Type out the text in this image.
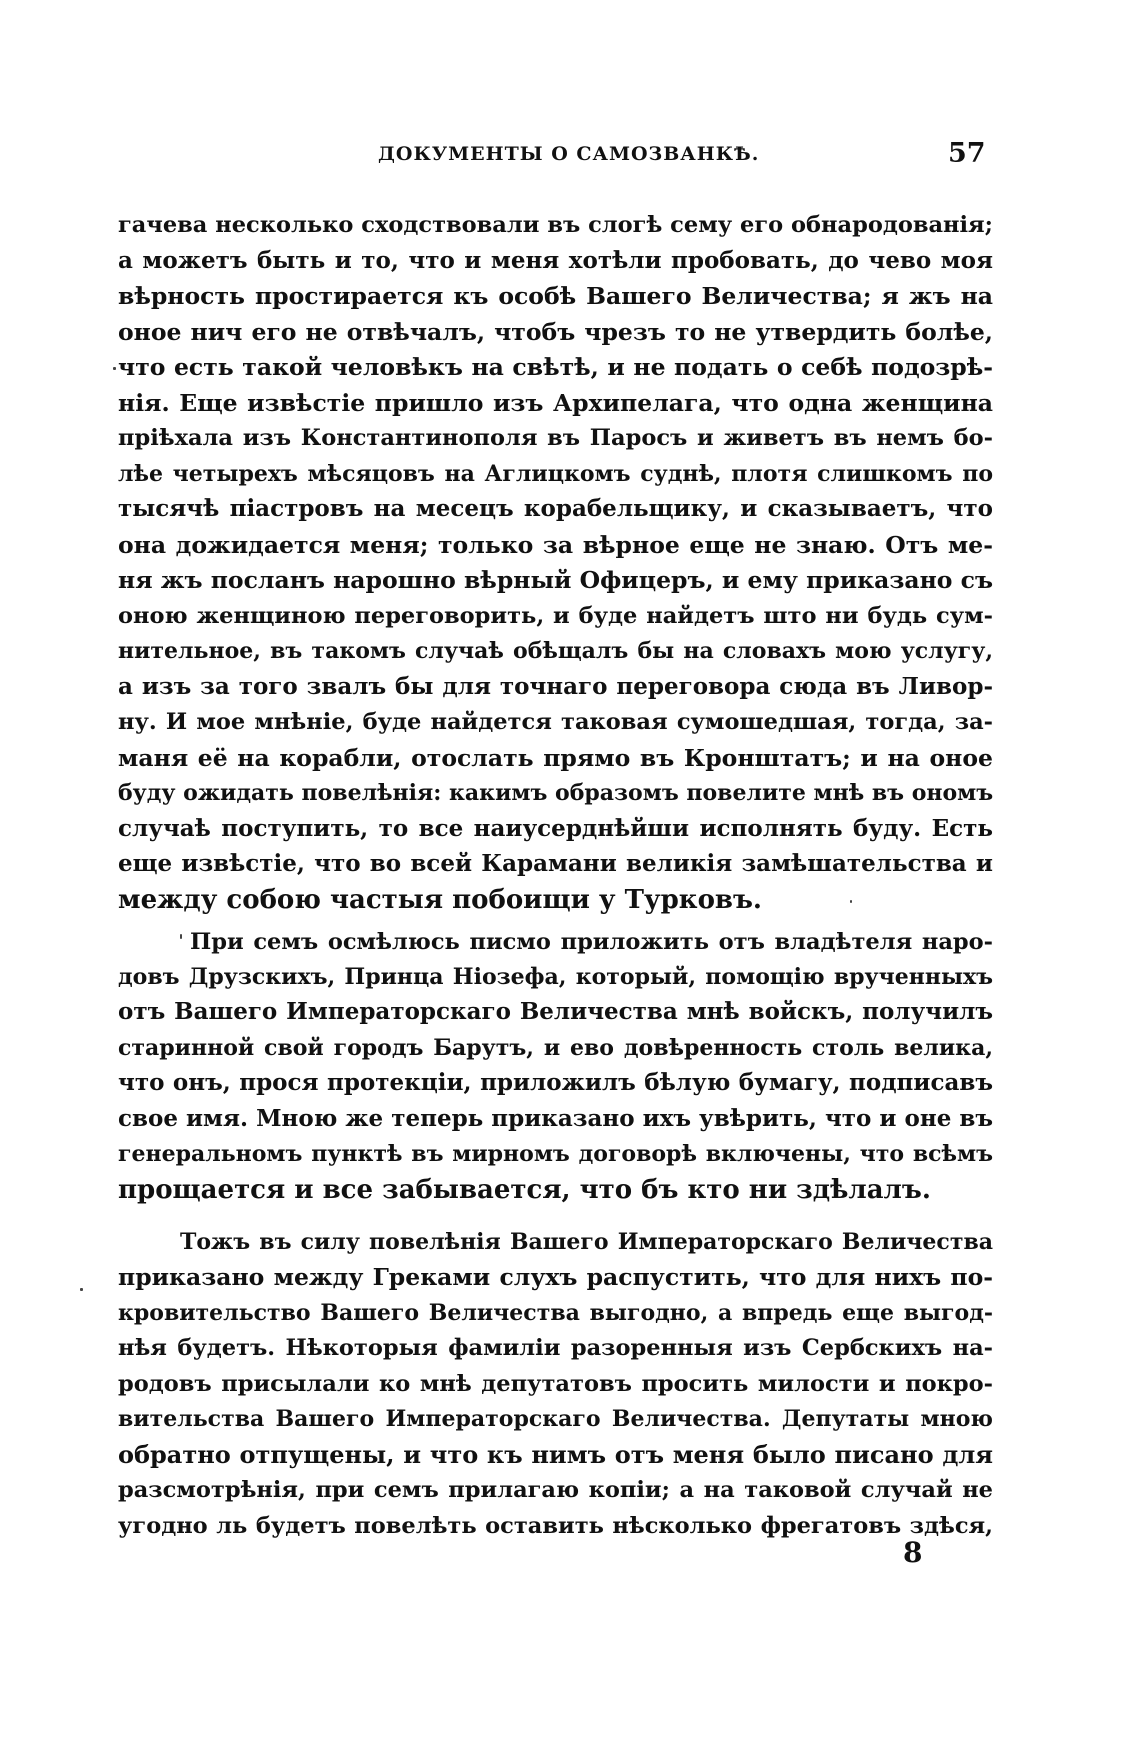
ДОКУМЕНТЫ О САМОЗВАНКѢ.	57
гачева несколько сходствовали въ слогѣ сему его обнародованія;
а можетъ быть и то, что и меня хотѣли пробовать, до чево моя
вѣрность простирается къ особѣ Вашего Величества; я жъ на
оное нич его не отвѣчалъ, чтобъ чрезъ то не утвердить болѣе,
что есть такой человѣкъ на свѣтѣ, и не подать о себѣ подозрѣ-
нія. Еще извѣстіе пришло изъ Архипелага, что одна женщина
пріѣхала изъ Константинополя въ Паросъ и живетъ въ немъ бо-
лѣе четырехъ мѣсяцовъ на Аглицкомъ суднѣ, плотя слишкомъ по
тысячѣ піастровъ на месецъ корабельщику, и сказываетъ, что
она дожидается меня; только за вѣрное еще не знаю. Отъ ме-
ня жъ посланъ нарошно вѣрный Офицеръ, и ему приказано съ
оною женщиною переговорить, и буде найдетъ што ни будь сум-
нительное, въ такомъ случаѣ обѣщалъ бы на словахъ мою услугу,
а изъ за того звалъ бы для точнаго переговора сюда въ Ливор-
ну. И мое мнѣніе, буде найдется таковая сумошедшая, тогда, за-
маня её на корабли, отослать прямо въ Кронштатъ; и на оное
буду ожидать повелѣнія: какимъ образомъ повелите мнѣ въ ономъ
случаѣ поступить, то все наиусерднѣйши исполнять буду. Есть
еще извѣстіе, что во всей Карамани великія замѣшательства и
между собою частыя побоищи у Турковъ.
При семъ осмѣлюсь писмо приложить отъ владѣтеля наро-
довъ Друзскихъ, Принца Ніозефа, который, помощію врученныхъ
отъ Вашего Императорскаго Величества мнѣ войскъ, получилъ
старинной свой городъ Барутъ, и ево довѣренность столь велика,
что онъ, прося протекціи, приложилъ бѣлую бумагу, подписавъ
свое имя. Мною же теперь приказано ихъ увѣрить, что и оне въ
генеральномъ пунктѣ въ мирномъ договорѣ включены, что всѣмъ
прощается и все забывается, что бъ кто ни здѣлалъ.
Тожъ въ силу повелѣнія Вашего Императорскаго Величества
приказано между Греками слухъ распустить, что для нихъ по-
кровительство Вашего Величества выгодно, а впредь еще выгод-
нѣя будетъ. Нѣкоторыя фамиліи разоренныя изъ Сербскихъ на-
родовъ присылали ко мнѣ депутатовъ просить милости и покро-
вительства Вашего Императорскаго Величества. Депутаты мною
обратно отпущены, и что къ нимъ отъ меня было писано для
разсмотрѣнія, при семъ прилагаю копіи; а на таковой случай не
угодно ль будетъ повелѣть оставить нѣсколько фрегатовъ здѣся,
8
